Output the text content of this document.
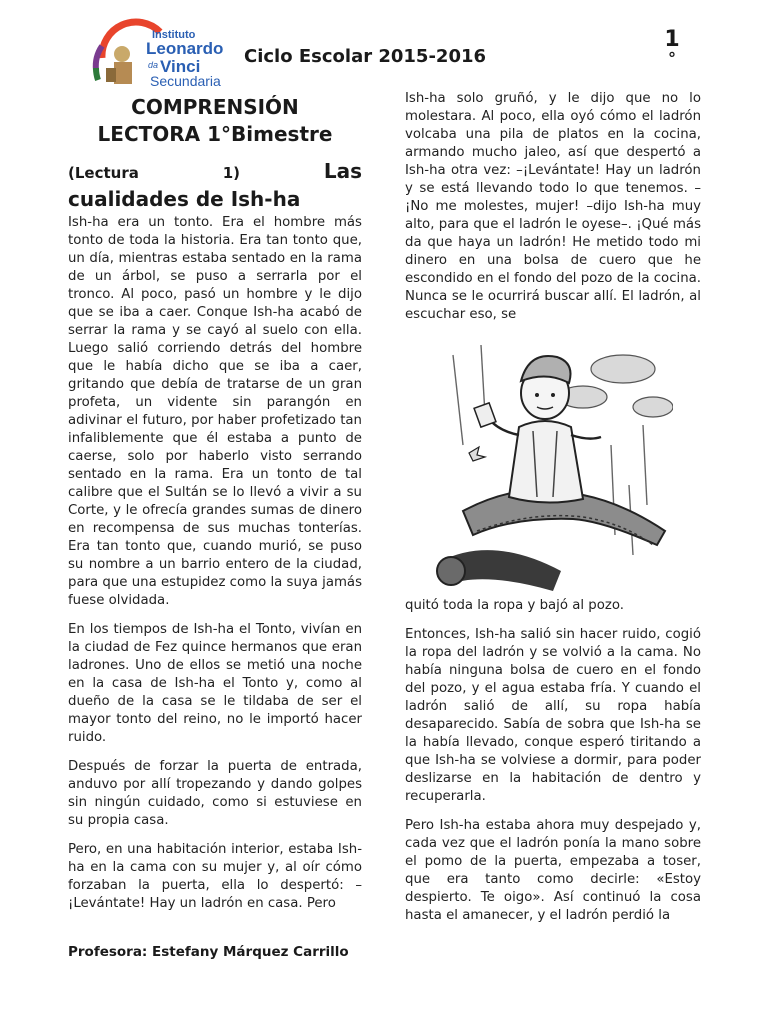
Instituto
Leonardo
da Vinci
Secundaria
Ciclo Escolar 2015-2016
1
°
COMPRENSIÓN
LECTORA 1°Bimestre
(Lectura	1)	Las
cualidades de Ish-ha

Ish-ha era un tonto. Era el hombre más tonto de toda la historia. Era tan tonto que, un día, mientras estaba sentado en la rama de un árbol, se puso a serrarla por el tronco. Al poco, pasó un hombre y le dijo que se iba a caer. Conque Ish-ha acabó de serrar la rama y se cayó al suelo con ella. Luego salió corriendo detrás del hombre que le había dicho que se iba a caer, gritando que debía de tratarse de un gran profeta, un vidente sin parangón en adivinar el futuro, por haber profetizado tan infaliblemente que él estaba a punto de caerse, solo por haberlo visto serrando sentado en la rama. Era un tonto de tal calibre que el Sultán se lo llevó a vivir a su Corte, y le ofrecía grandes sumas de dinero en recompensa de sus muchas tonterías. Era tan tonto que, cuando murió, se puso su nombre a un barrio entero de la ciudad, para que una estupidez como la suya jamás fuese olvidada.

En los tiempos de Ish-ha el Tonto, vivían en la ciudad de Fez quince hermanos que eran ladrones. Uno de ellos se metió una noche en la casa de Ish-ha el Tonto y, como al dueño de la casa se le tildaba de ser el mayor tonto del reino, no le importó hacer ruido.

Después de forzar la puerta de entrada, anduvo por allí tropezando y dando golpes sin ningún cuidado, como si estuviese en su propia casa.

Pero, en una habitación interior, estaba Ish-ha en la cama con su mujer y, al oír cómo forzaban la puerta, ella lo despertó: –¡Levántate! Hay un ladrón en casa. Pero

Ish-ha solo gruñó, y le dijo que no lo molestara. Al poco, ella oyó cómo el ladrón volcaba una pila de platos en la cocina, armando mucho jaleo, así que despertó a Ish-ha otra vez: –¡Levántate! Hay un ladrón y se está llevando todo lo que tenemos. –¡No me molestes, mujer! –dijo Ish-ha muy alto, para que el ladrón le oyese–. ¡Qué más da que haya un ladrón! He metido todo mi dinero en una bolsa de cuero que he escondido en el fondo del pozo de la cocina. Nunca se le ocurrirá buscar allí. El ladrón, al escuchar eso, se

quitó toda la ropa y bajó al pozo.

Entonces, Ish-ha salió sin hacer ruido, cogió la ropa del ladrón y se volvió a la cama. No había ninguna bolsa de cuero en el fondo del pozo, y el agua estaba fría. Y cuando el ladrón salió de allí, su ropa había desaparecido. Sabía de sobra que Ish-ha se la había llevado, conque esperó tiritando a que Ish-ha se volviese a dormir, para poder deslizarse en la habitación de dentro y recuperarla.

Pero Ish-ha estaba ahora muy despejado y, cada vez que el ladrón ponía la mano sobre el pomo de la puerta, empezaba a toser, que era tanto como decirle: «Estoy despierto. Te oigo». Así continuó la cosa hasta el amanecer, y el ladrón perdió la

Profesora: Estefany Márquez Carrillo
